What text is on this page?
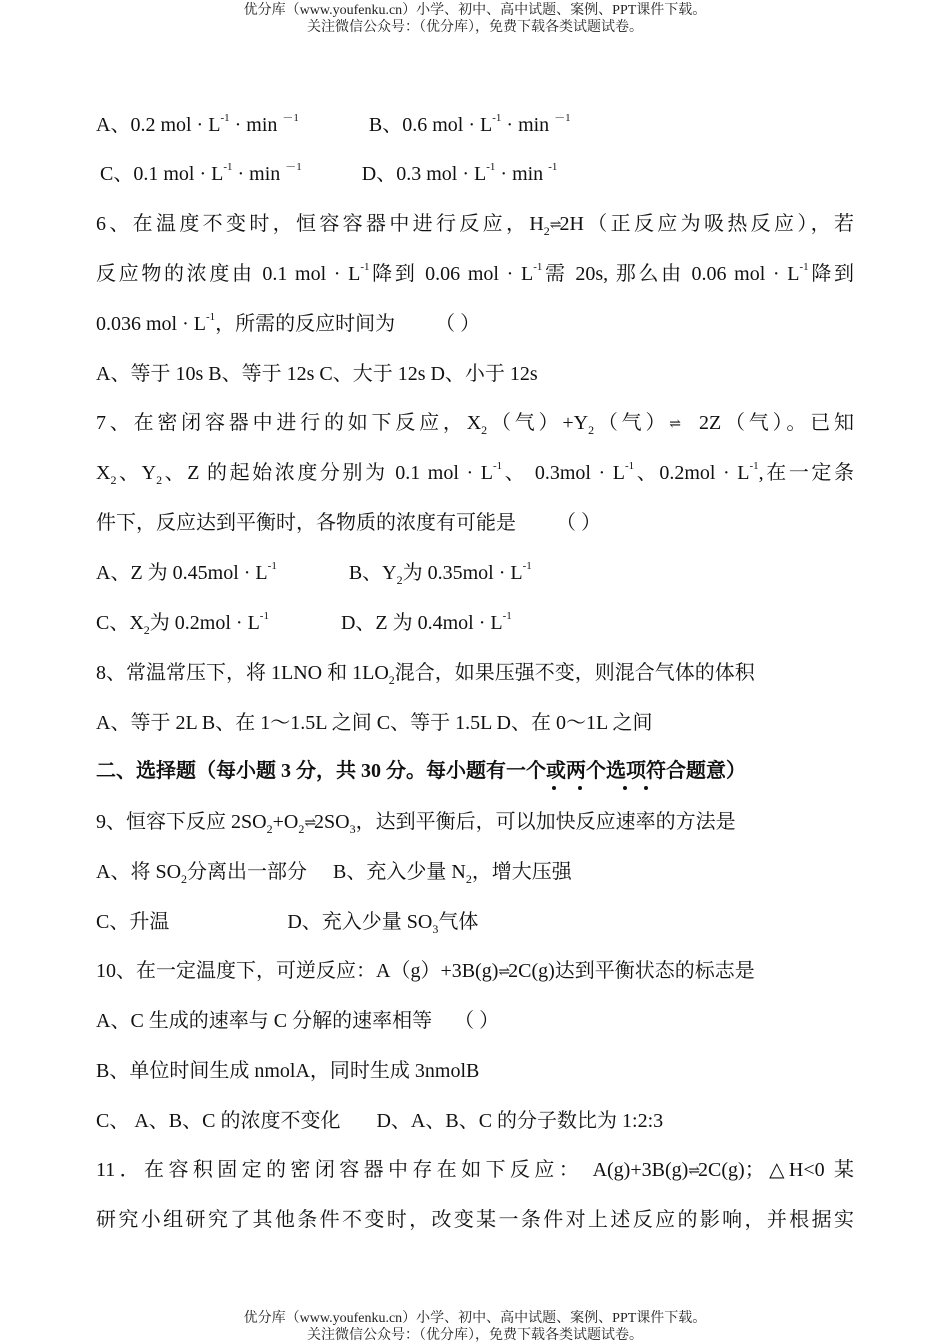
优分库（www.youfenku.cn）小学、初中、高中试题、案例、PPT课件下载。
关注微信公众号：（优分库），免费下载各类试题试卷。
A、0.2 mol · $L^{-1} \cdot \min ^{-1}$	B、0.6 mol · $L^{-1} \cdot \min ^{-1}$
C、0.1 mol · $L^{-1} \cdot \min ^{-1}$	D、0.3 mol · $L^{-1} \cdot \min ^{-1}$
6、在温度不变时，恒容容器中进行反应，$H_2\rightleftharpoons 2H$（正反应为吸热反应），若
反应物的浓度由 0.1 mol · $L^{-1}$降到 0.06 mol · $L^{-1}$需 20s, 那么由 0.06 mol · $L^{-1}$降到
0.036 mol · $L^{-1}$，所需的反应时间为 （ ）
A、等于 10s B、等于 12s C、大于 12s D、小于 12s
7、在密闭容器中进行的如下反应，$X_2$（气）$+Y_2$（气）⇌ 2Z（气）。已知
$X_2$、$Y_2$、Z 的起始浓度分别为 0.1 mol · $L^{-1}$、 $0.3mol \cdot L^{-1}$、$0.2mol \cdot L^{-1}$,在一定条
件下，反应达到平衡时，各物质的浓度有可能是 （ ）
A、Z 为 $0.45mol \cdot L^{-1}$	B、$Y_2$为 $0.35mol \cdot L^{-1}$
C、$X_2$为 $0.2mol \cdot L^{-1}$	D、Z 为 $0.4mol \cdot L^{-1}$
8、常温常压下，将 1LNO 和 $1LO_2$混合，如果压强不变，则混合气体的体积
A、等于 2L B、在 1～1.5L 之间 C、等于 1.5L D、在 0～1L 之间
二、选择题（每小题 3 分，共 30 分。每小题有一个或两个选项符合题意）
9、恒容下反应 $2SO_2+O_2\rightleftharpoons 2SO_3$，达到平衡后，可以加快反应速率的方法是
A、将 $SO_2$分离出一部分 B、充入少量 $N_2$，增大压强
C、升温	D、充入少量 $SO_3$气体
10、在一定温度下，可逆反应：A（g）+3B(g)⇌2C(g)达到平衡状态的标志是
A、C 生成的速率与 C 分解的速率相等 （ ）
B、单位时间生成 nmolA，同时生成 3nmolB
C、 A、B、C 的浓度不变化 D、A、B、C 的分子数比为 1:2:3
11．在容积固定的密闭容器中存在如下反应： A(g)+3B(g)⇌2C(g)；△H<0 某
研究小组研究了其他条件不变时，改变某一条件对上述反应的影响，并根据实
优分库（www.youfenku.cn）小学、初中、高中试题、案例、PPT课件下载。
关注微信公众号：（优分库），免费下载各类试题试卷。
